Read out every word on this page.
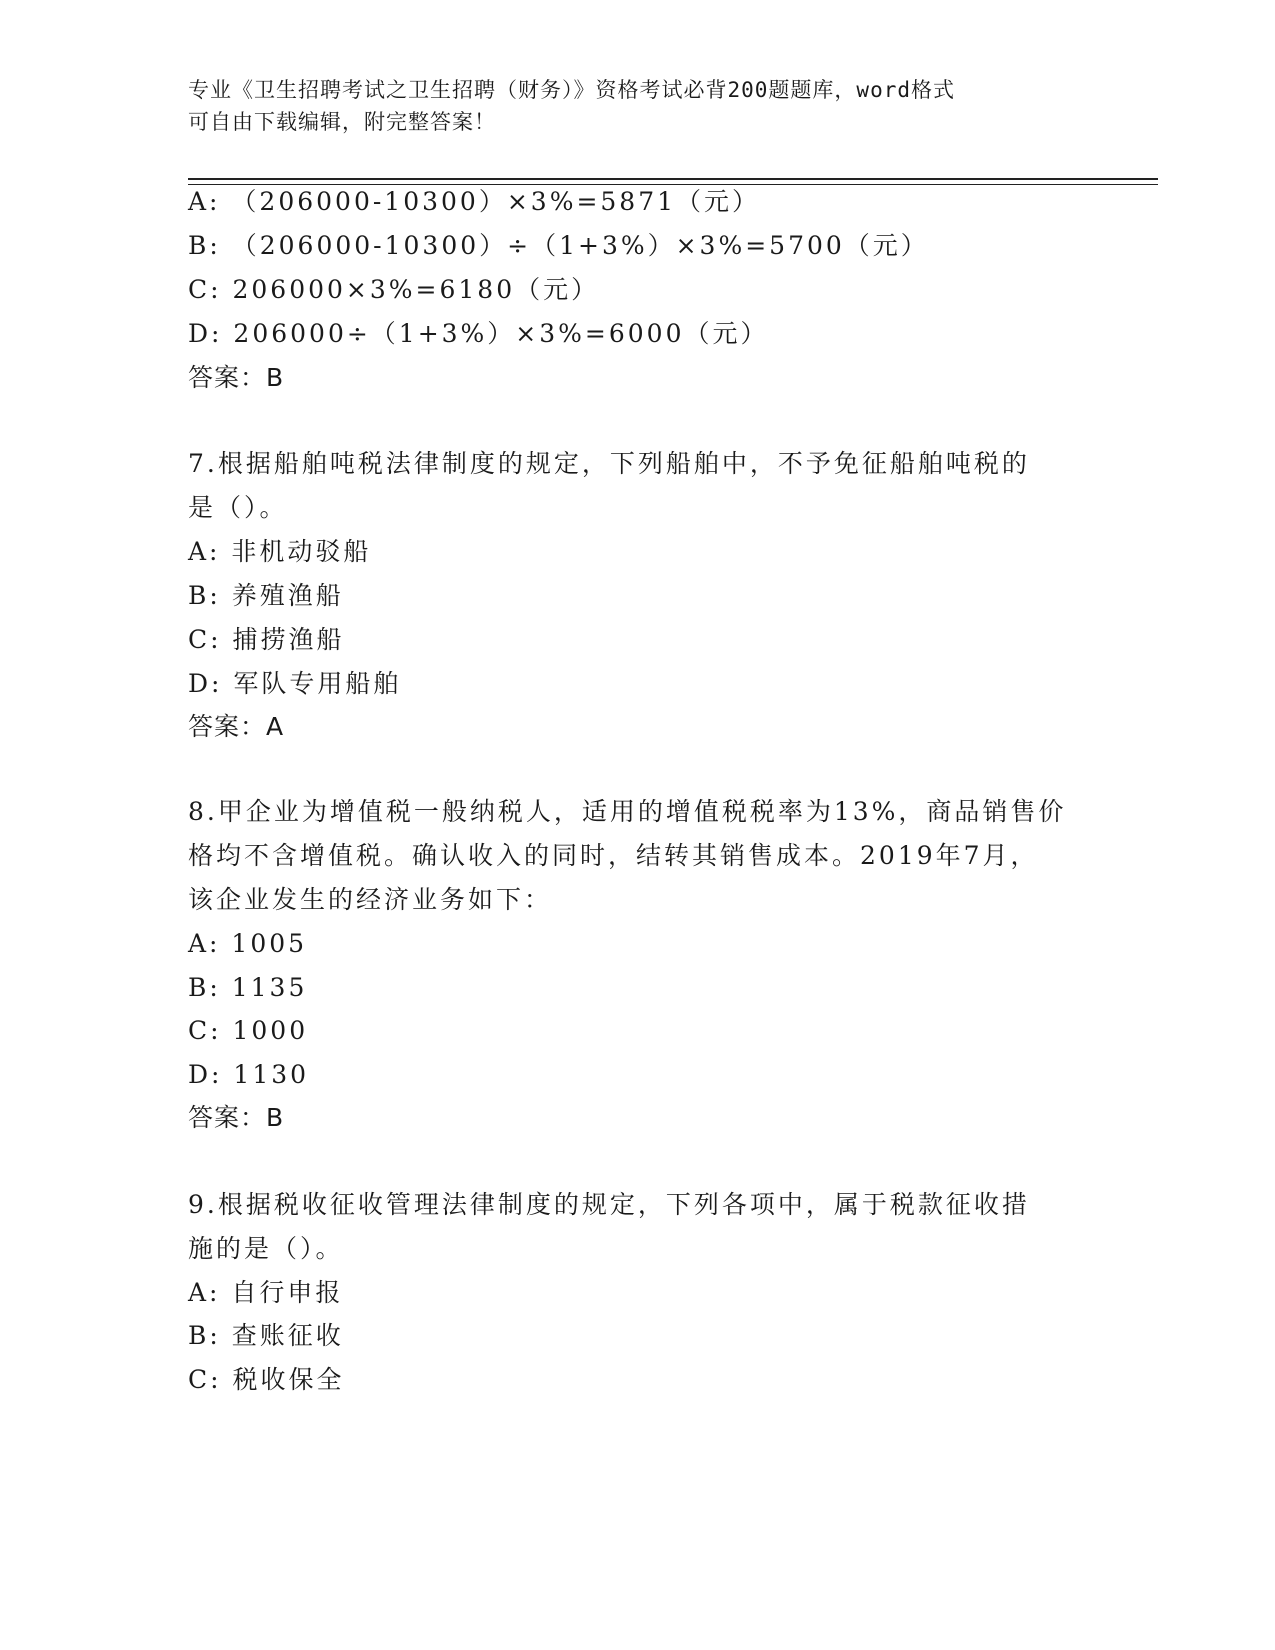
专业《卫生招聘考试之卫生招聘（财务）》资格考试必背200题题库，word格式
可自由下载编辑，附完整答案！
A: （206000-10300）×3%=5871（元）
B: （206000-10300）÷（1+3%）×3%=5700（元）
C: 206000×3%=6180（元）
D: 206000÷（1+3%）×3%=6000（元）
答案：B
7.根据船舶吨税法律制度的规定，下列船舶中，不予免征船舶吨税的
是（）。
A: 非机动驳船
B: 养殖渔船
C: 捕捞渔船
D: 军队专用船舶
答案：A
8.甲企业为增值税一般纳税人，适用的增值税税率为13%，商品销售价
格均不含增值税。确认收入的同时，结转其销售成本。2019年7月，
该企业发生的经济业务如下：
A: 1005
B: 1135
C: 1000
D: 1130
答案：B
9.根据税收征收管理法律制度的规定，下列各项中，属于税款征收措
施的是（）。
A: 自行申报
B: 查账征收
C: 税收保全
